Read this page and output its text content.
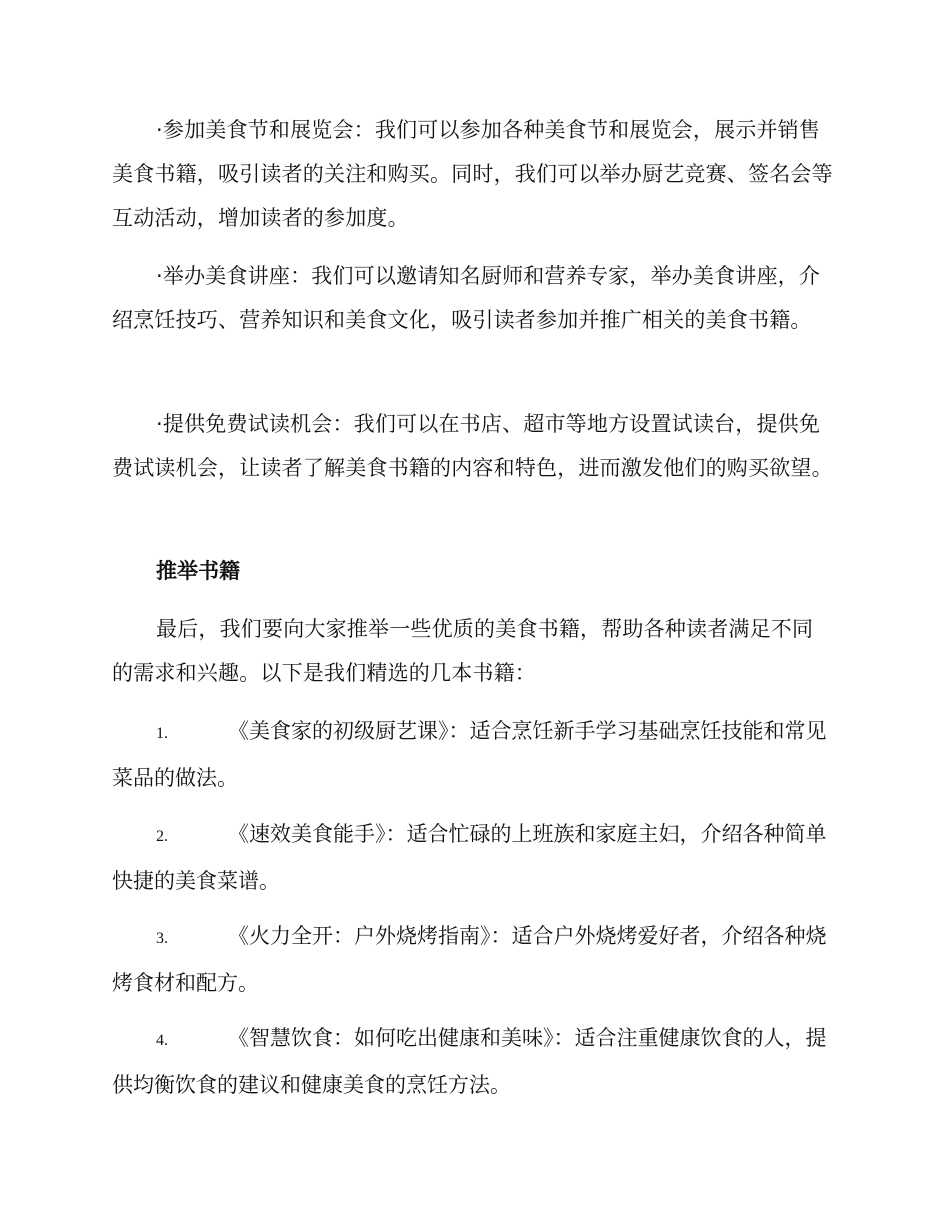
·参加美食节和展览会：我们可以参加各种美食节和展览会，展示并销售美食书籍，吸引读者的关注和购买。同时，我们可以举办厨艺竞赛、签名会等互动活动，增加读者的参加度。

·举办美食讲座：我们可以邀请知名厨师和营养专家，举办美食讲座，介绍烹饪技巧、营养知识和美食文化，吸引读者参加并推广相关的美食书籍。

·提供免费试读机会：我们可以在书店、超市等地方设置试读台，提供免费试读机会，让读者了解美食书籍的内容和特色，进而激发他们的购买欲望。

推举书籍

最后，我们要向大家推举一些优质的美食书籍，帮助各种读者满足不同的需求和兴趣。以下是我们精选的几本书籍：

1.	《美食家的初级厨艺课》：适合烹饪新手学习基础烹饪技能和常见菜品的做法。

2.	《速效美食能手》：适合忙碌的上班族和家庭主妇，介绍各种简单快捷的美食菜谱。

3.	《火力全开：户外烧烤指南》：适合户外烧烤爱好者，介绍各种烧烤食材和配方。

4.	《智慧饮食：如何吃出健康和美味》：适合注重健康饮食的人，提供均衡饮食的建议和健康美食的烹饪方法。
